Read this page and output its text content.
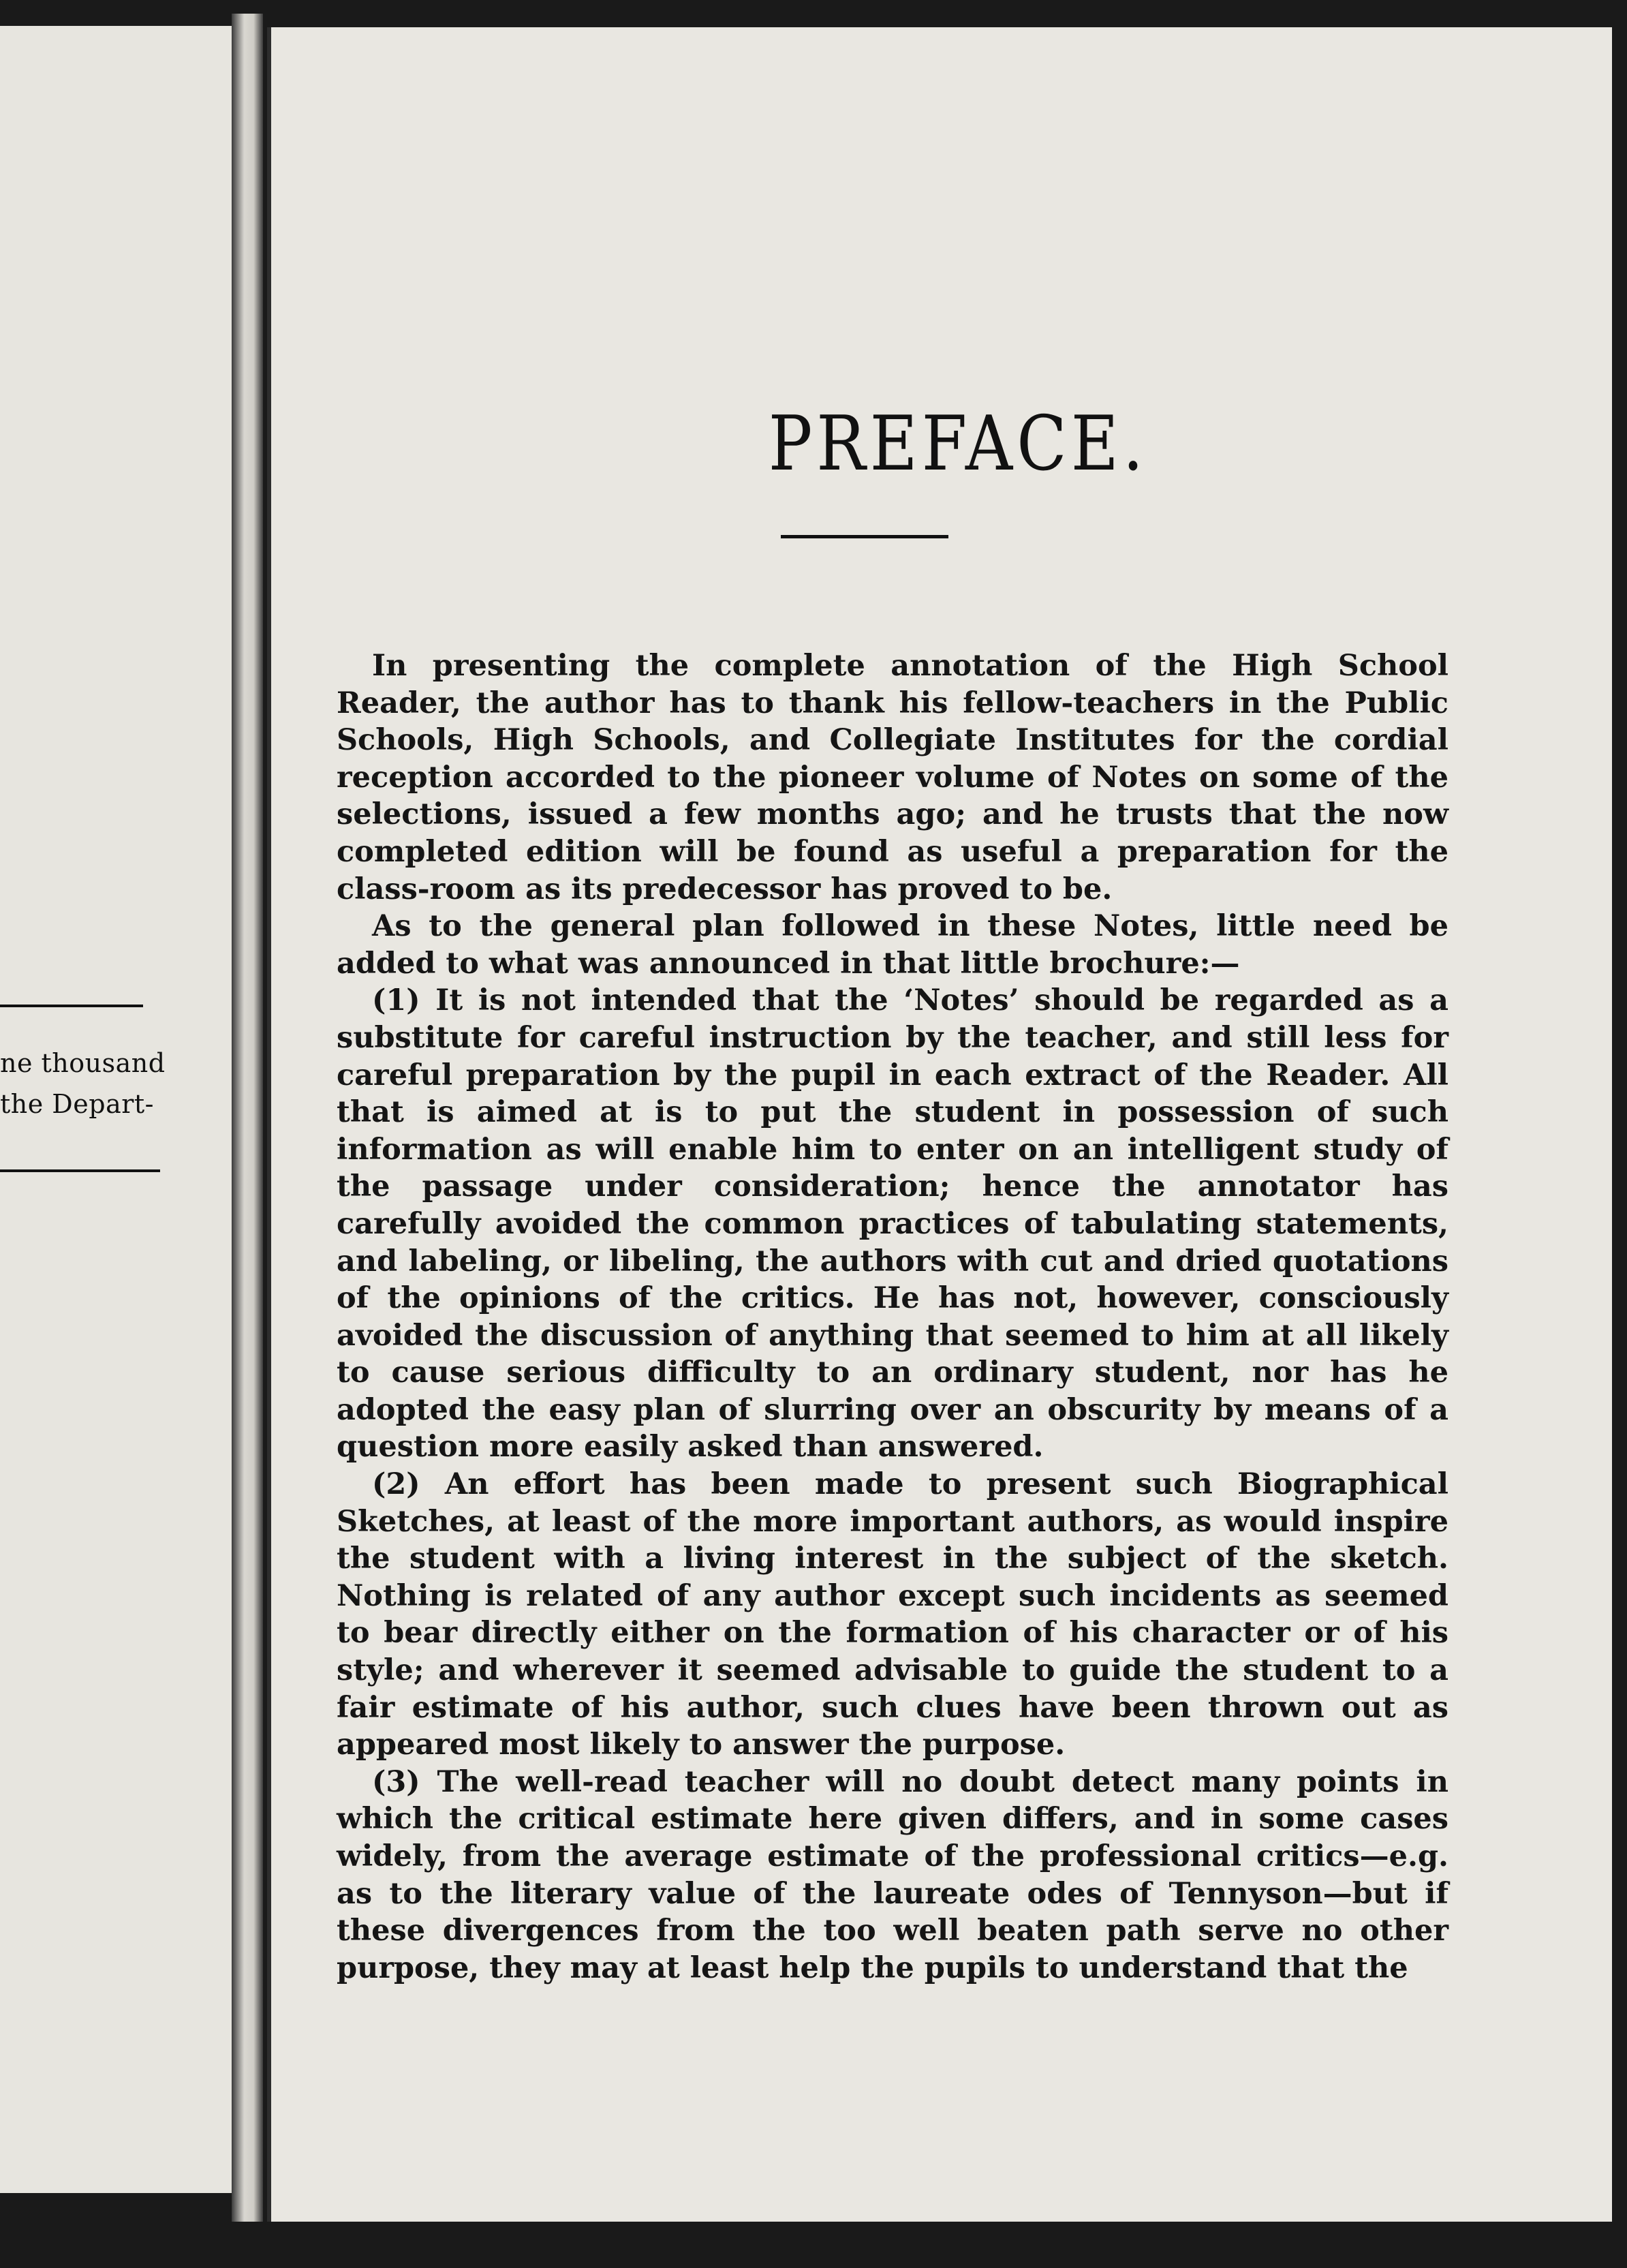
ne thousand
the Depart-
PREFACE.

In presenting the complete annotation of the High School Reader, the author has to thank his fellow-teachers in the Public Schools, High Schools, and Collegiate Institutes for the cordial reception accorded to the pioneer volume of Notes on some of the selections, issued a few months ago; and he trusts that the now completed edition will be found as useful a preparation for the class-room as its predecessor has proved to be.

As to the general plan followed in these Notes, little need be added to what was announced in that little brochure:—

(1) It is not intended that the ‘Notes’ should be regarded as a substitute for careful instruction by the teacher, and still less for careful preparation by the pupil in each extract of the Reader. All that is aimed at is to put the student in possession of such information as will enable him to enter on an intelligent study of the passage under consideration; hence the annotator has carefully avoided the common practices of tabulating statements, and labeling, or libeling, the authors with cut and dried quotations of the opinions of the critics. He has not, however, consciously avoided the discussion of anything that seemed to him at all likely to cause serious difficulty to an ordinary student, nor has he adopted the easy plan of slurring over an obscurity by means of a question more easily asked than answered.

(2) An effort has been made to present such Biographical Sketches, at least of the more important authors, as would inspire the student with a living interest in the subject of the sketch. Nothing is related of any author except such incidents as seemed to bear directly either on the formation of his character or of his style; and wherever it seemed advisable to guide the student to a fair estimate of his author, such clues have been thrown out as appeared most likely to answer the purpose.

(3) The well-read teacher will no doubt detect many points in which the critical estimate here given differs, and in some cases widely, from the average estimate of the professional critics—e.g. as to the literary value of the laureate odes of Tennyson—but if these divergences from the too well beaten path serve no other purpose, they may at least help the pupils to understand that the
